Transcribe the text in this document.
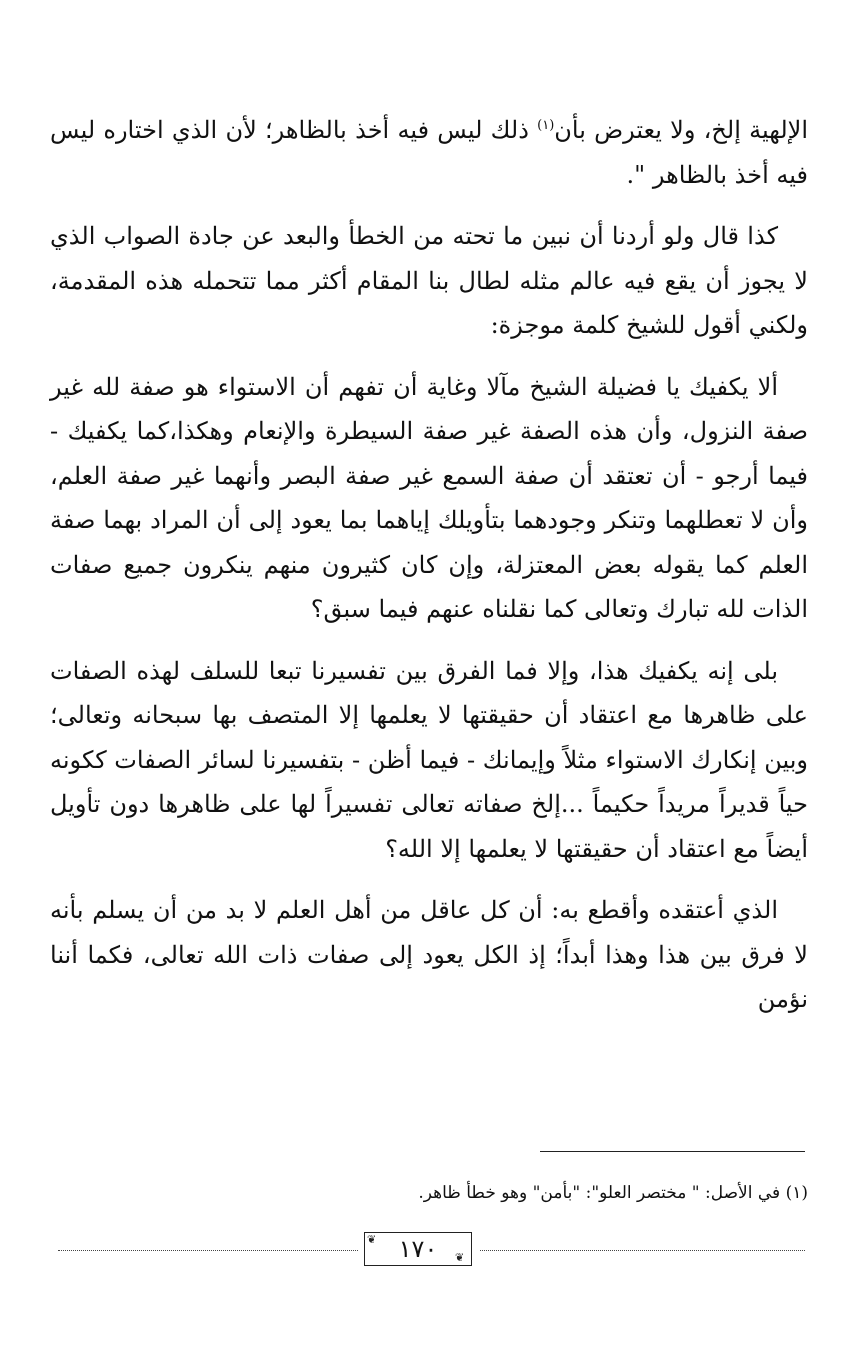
الإلهية إلخ، ولا يعترض بأن$^{(١)}$ ذلك ليس فيه أخذ بالظاهر؛ لأن الذي اختاره ليس فيه أخذ بالظاهر ".

كذا قال ولو أردنا أن نبين ما تحته من الخطأ والبعد عن جادة الصواب الذي لا يجوز أن يقع فيه عالم مثله لطال بنا المقام أكثر مما تتحمله هذه المقدمة، ولكني أقول للشيخ كلمة موجزة:

ألا يكفيك يا فضيلة الشيخ مآلا وغاية أن تفهم أن الاستواء هو صفة لله غير صفة النزول، وأن هذه الصفة غير صفة السيطرة والإنعام وهكذا،كما يكفيك - فيما أرجو - أن تعتقد أن صفة السمع غير صفة البصر وأنهما غير صفة العلم، وأن لا تعطلهما وتنكر وجودهما بتأويلك إياهما بما يعود إلى أن المراد بهما صفة العلم كما يقوله بعض المعتزلة، وإن كان كثيرون منهم ينكرون جميع صفات الذات لله تبارك وتعالى كما نقلناه عنهم فيما سبق؟

بلى إنه يكفيك هذا، وإلا فما الفرق بين تفسيرنا تبعا للسلف لهذه الصفات على ظاهرها مع اعتقاد أن حقيقتها لا يعلمها إلا المتصف بها سبحانه وتعالى؛ وبين إنكارك الاستواء مثلاً وإيمانك - فيما أظن - بتفسيرنا لسائر الصفات ككونه حياً قديراً مريداً حكيماً ...إلخ صفاته تعالى تفسيراً لها على ظاهرها دون تأويل أيضاً مع اعتقاد أن حقيقتها لا يعلمها إلا الله؟

الذي أعتقده وأقطع به: أن كل عاقل من أهل العلم لا بد من أن يسلم بأنه لا فرق بين هذا وهذا أبداً؛ إذ الكل يعود إلى صفات ذات الله تعالى، فكما أننا نؤمن

(١) في الأصل: " مختصر العلو": "بأمن" وهو خطأ ظاهر.
❦
❦
١٧٠
